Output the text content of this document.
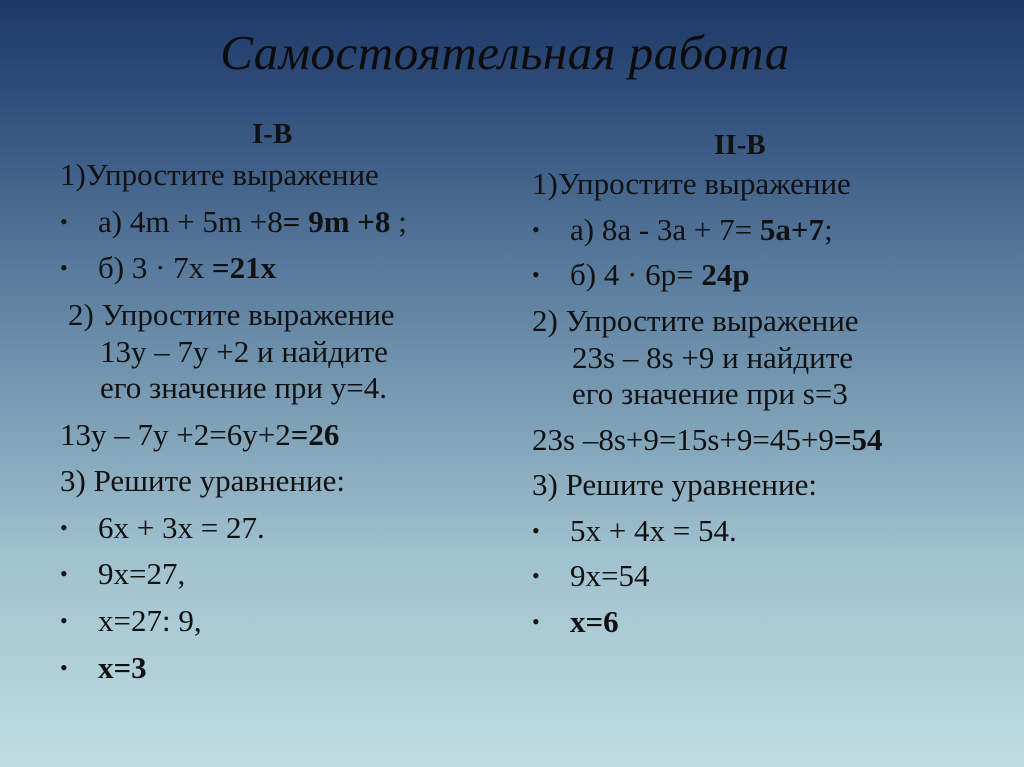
Самостоятельная работа
I-В
1)Упростите выражение
• а) 4m + 5m +8= 9m +8 ;
• б) 3 · 7x =21x
2) Упростите выражение
13y – 7y +2 и найдите
его значение при y=4.
13y – 7y +2=6y+2=26
3) Решите уравнение:
• 6x + 3x = 27.
• 9x=27,
• x=27: 9,
• x=3
II-В
1)Упростите выражение
• а) 8a - 3a + 7= 5a+7;
• б) 4 · 6p= 24p
2) Упростите выражение
23s – 8s +9 и найдите
его значение при s=3
23s –8s+9=15s+9=45+9=54
3) Решите уравнение:
• 5x + 4x = 54.
• 9x=54
• x=6
